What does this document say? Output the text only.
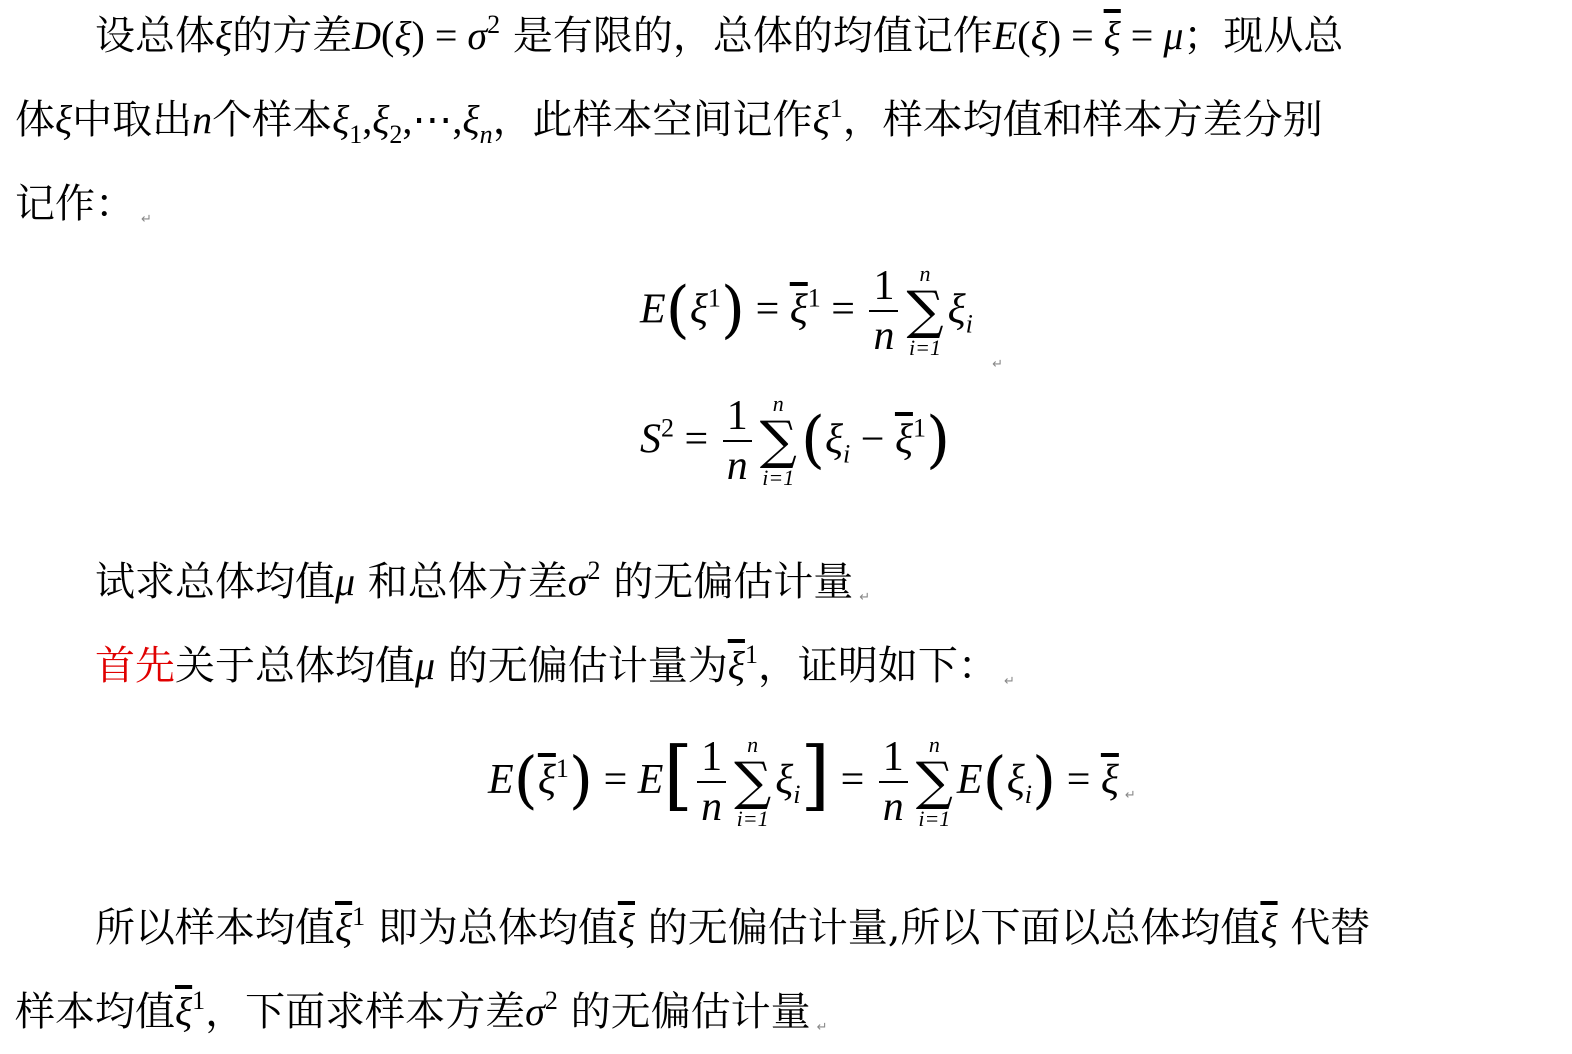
设总体ξ的方差$D(\xi) = \sigma^2$ 是有限的，总体的均值记作$E(\xi) = \overline{\xi} = \mu$；现从总
体ξ中取出n个样本$\xi_1,\xi_2,\cdots,\xi_n$，此样本空间记作$\xi^1$，样本均值和样本方差分别
记作： ↵
$E(\xi^1) = \overline{\xi}^1 = \frac{1}{n}$ n
∑
i=1
$\xi_i$ $_↵$
$S^2 = \frac{1}{n}$ n
∑
i=1
$(\xi_i - \overline{\xi}^1)$
试求总体均值μ 和总体方差$\sigma^2$ 的无偏估计量 ↵
首先关于总体均值μ 的无偏估计量为$\overline{\xi}^1$，证明如下： ↵
$E(\overline{\xi}^1) = E[ \frac{1}{n}$ n
∑
i=1
$\xi_i] = \frac{1}{n}$ n
∑
i=1
$E(\xi_i) = \overline{\xi}$ ↵
所以样本均值$\overline{\xi}^1$ 即为总体均值$\overline{\xi}$ 的无偏估计量,所以下面以总体均值$\overline{\xi}$ 代替
样本均值$\overline{\xi}^1$，下面求样本方差$\sigma^2$ 的无偏估计量 ↵
